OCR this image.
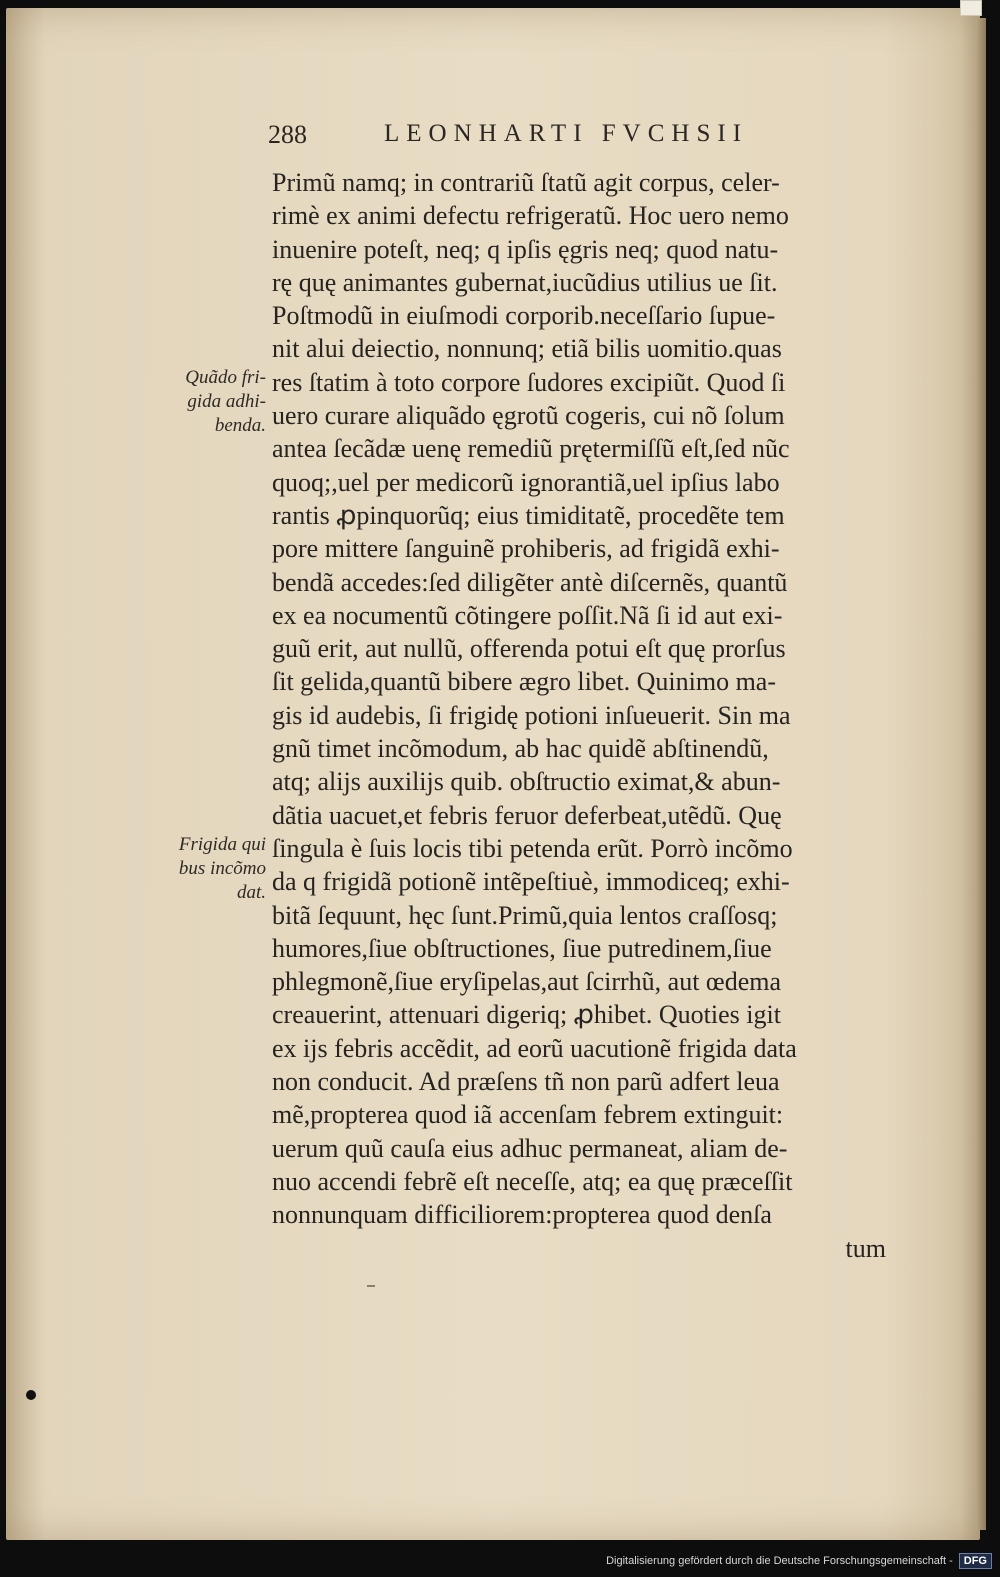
288	LEONHARTI FVCHSII
Primũ namq; in contrariũ ſtatũ agit corpus, celer-
rimè ex animi defectu refrigeratũ. Hoc uero nemo
inuenire poteſt, neq; q ipſis ęgris neq; quod natu-
rę quę animantes gubernat,iucũdius utilius ue ſit.
Poſtmodũ in eiuſmodi corporib.neceſſario ſupue-
nit alui deiectio, nonnunq; etiã bilis uomitio.quas
res ſtatim à toto corpore ſudores excipiũt. Quod ſi
uero curare aliquãdo ęgrotũ cogeris, cui nõ ſolum
antea ſecãdæ uenę remediũ prętermiſſũ eſt,ſed nũc
quoq;,uel per medicorũ ignorantiã,uel ipſius labo
rantis ꝓpinquorũq; eius timiditatẽ, procedẽte tem
pore mittere ſanguinẽ prohiberis, ad frigidã exhi-
bendã accedes:ſed diligẽter antè diſcernẽs, quantũ
ex ea nocumentũ cõtingere poſſit.Nã ſi id aut exi-
guũ erit, aut nullũ, offerenda potui eſt quę prorſus
ſit gelida,quantũ bibere ægro libet. Quinimo ma-
gis id audebis, ſi frigidę potioni inſueuerit. Sin ma
gnũ timet incõmodum, ab hac quidẽ abſtinendũ,
atq; alijs auxilijs quib. obſtructio eximat,& abun-
dãtia uacuet,et febris feruor deferbeat,utẽdũ. Quę
ſingula è ſuis locis tibi petenda erũt. Porrò incõmo
da q frigidã potionẽ intẽpeſtiuè, immodiceq; exhi-
bitã ſequunt, hęc ſunt.Primũ,quia lentos craſſosq;
humores,ſiue obſtructiones, ſiue putredinem,ſiue
phlegmonẽ,ſiue eryſipelas,aut ſcirrhũ, aut œdema
creauerint, attenuari digeriq; ꝓhibet. Quoties igit
ex ijs febris accẽdit, ad eorũ uacutionẽ frigida data
non conducit. Ad præſens tñ non parũ adfert leua
mẽ,propterea quod iã accenſam febrem extinguit:
uerum quũ cauſa eius adhuc permaneat, aliam de-
nuo accendi febrẽ eſt neceſſe, atq; ea quę præceſſit
nonnunquam difficiliorem:propterea quod denſa
tum
Quãdo fri-
gida adhi-
benda.
Frigida qui
bus incõmo
dat.
Digitalisierung gefördert durch die Deutsche Forschungsgemeinschaft -	DFG
